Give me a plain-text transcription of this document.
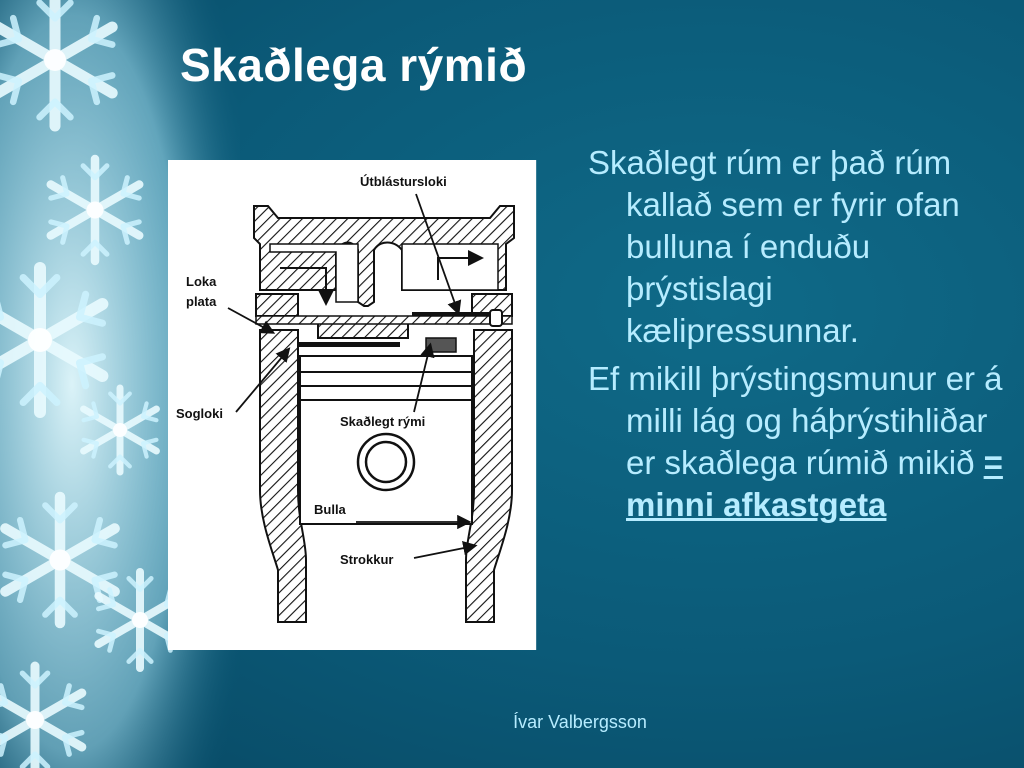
Skaðlega rýmið
Útblástursloki
Loka
plata
Sogloki
Skaðlegt rými
Bulla
Strokkur

Skaðlegt rúm er það rúm kallað sem er fyrir ofan bulluna í enduðu þrýstislagi kælipressunnar.

Ef mikill þrýstingsmunur er á milli lág og háþrýstihliðar er skaðlega rúmið mikið = minni afkastgeta

Ívar Valbergsson
